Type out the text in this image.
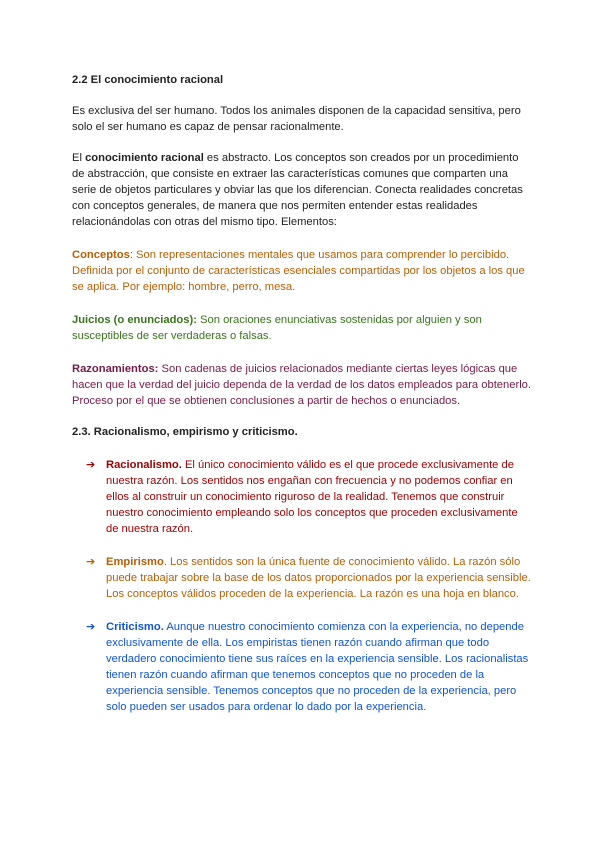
2.2 El conocimiento racional

Es exclusiva del ser humano. Todos los animales disponen de la capacidad sensitiva, pero solo el ser humano es capaz de pensar racionalmente.

El conocimiento racional es abstracto. Los conceptos son creados por un procedimiento de abstracción, que consiste en extraer las características comunes que comparten una serie de objetos particulares y obviar las que los diferencian. Conecta realidades concretas con conceptos generales, de manera que nos permiten entender estas realidades relacionándolas con otras del mismo tipo. Elementos:

Conceptos: Son representaciones mentales que usamos para comprender lo percibido. Definida por el conjunto de características esenciales compartidas por los objetos a los que se aplica. Por ejemplo: hombre, perro, mesa.

Juicios (o enunciados): Son oraciones enunciativas sostenidas por alguien y son susceptibles de ser verdaderas o falsas.

Razonamientos: Son cadenas de juicios relacionados mediante ciertas leyes lógicas que hacen que la verdad del juicio dependa de la verdad de los datos empleados para obtenerlo. Proceso por el que se obtienen conclusiones a partir de hechos o enunciados.

2.3. Racionalismo, empirismo y criticismo.

➔ Racionalismo. El único conocimiento válido es el que procede exclusivamente de nuestra razón. Los sentidos nos engañan con frecuencia y no podemos confiar en ellos al construir un conocimiento riguroso de la realidad. Tenemos que construir nuestro conocimiento empleando solo los conceptos que proceden exclusivamente de nuestra razón.

➔ Empirismo. Los sentidos son la única fuente de conocimiento válido. La razón sólo puede trabajar sobre la base de los datos proporcionados por la experiencia sensible. Los conceptos válidos proceden de la experiencia. La razón es una hoja en blanco.

➔ Criticismo. Aunque nuestro conocimiento comienza con la experiencia, no depende exclusivamente de ella. Los empiristas tienen razón cuando afirman que todo verdadero conocimiento tiene sus raíces en la experiencia sensible. Los racionalistas tienen razón cuando afirman que tenemos conceptos que no proceden de la experiencia sensible. Tenemos conceptos que no proceden de la experiencia, pero solo pueden ser usados para ordenar lo dado por la experiencia.
